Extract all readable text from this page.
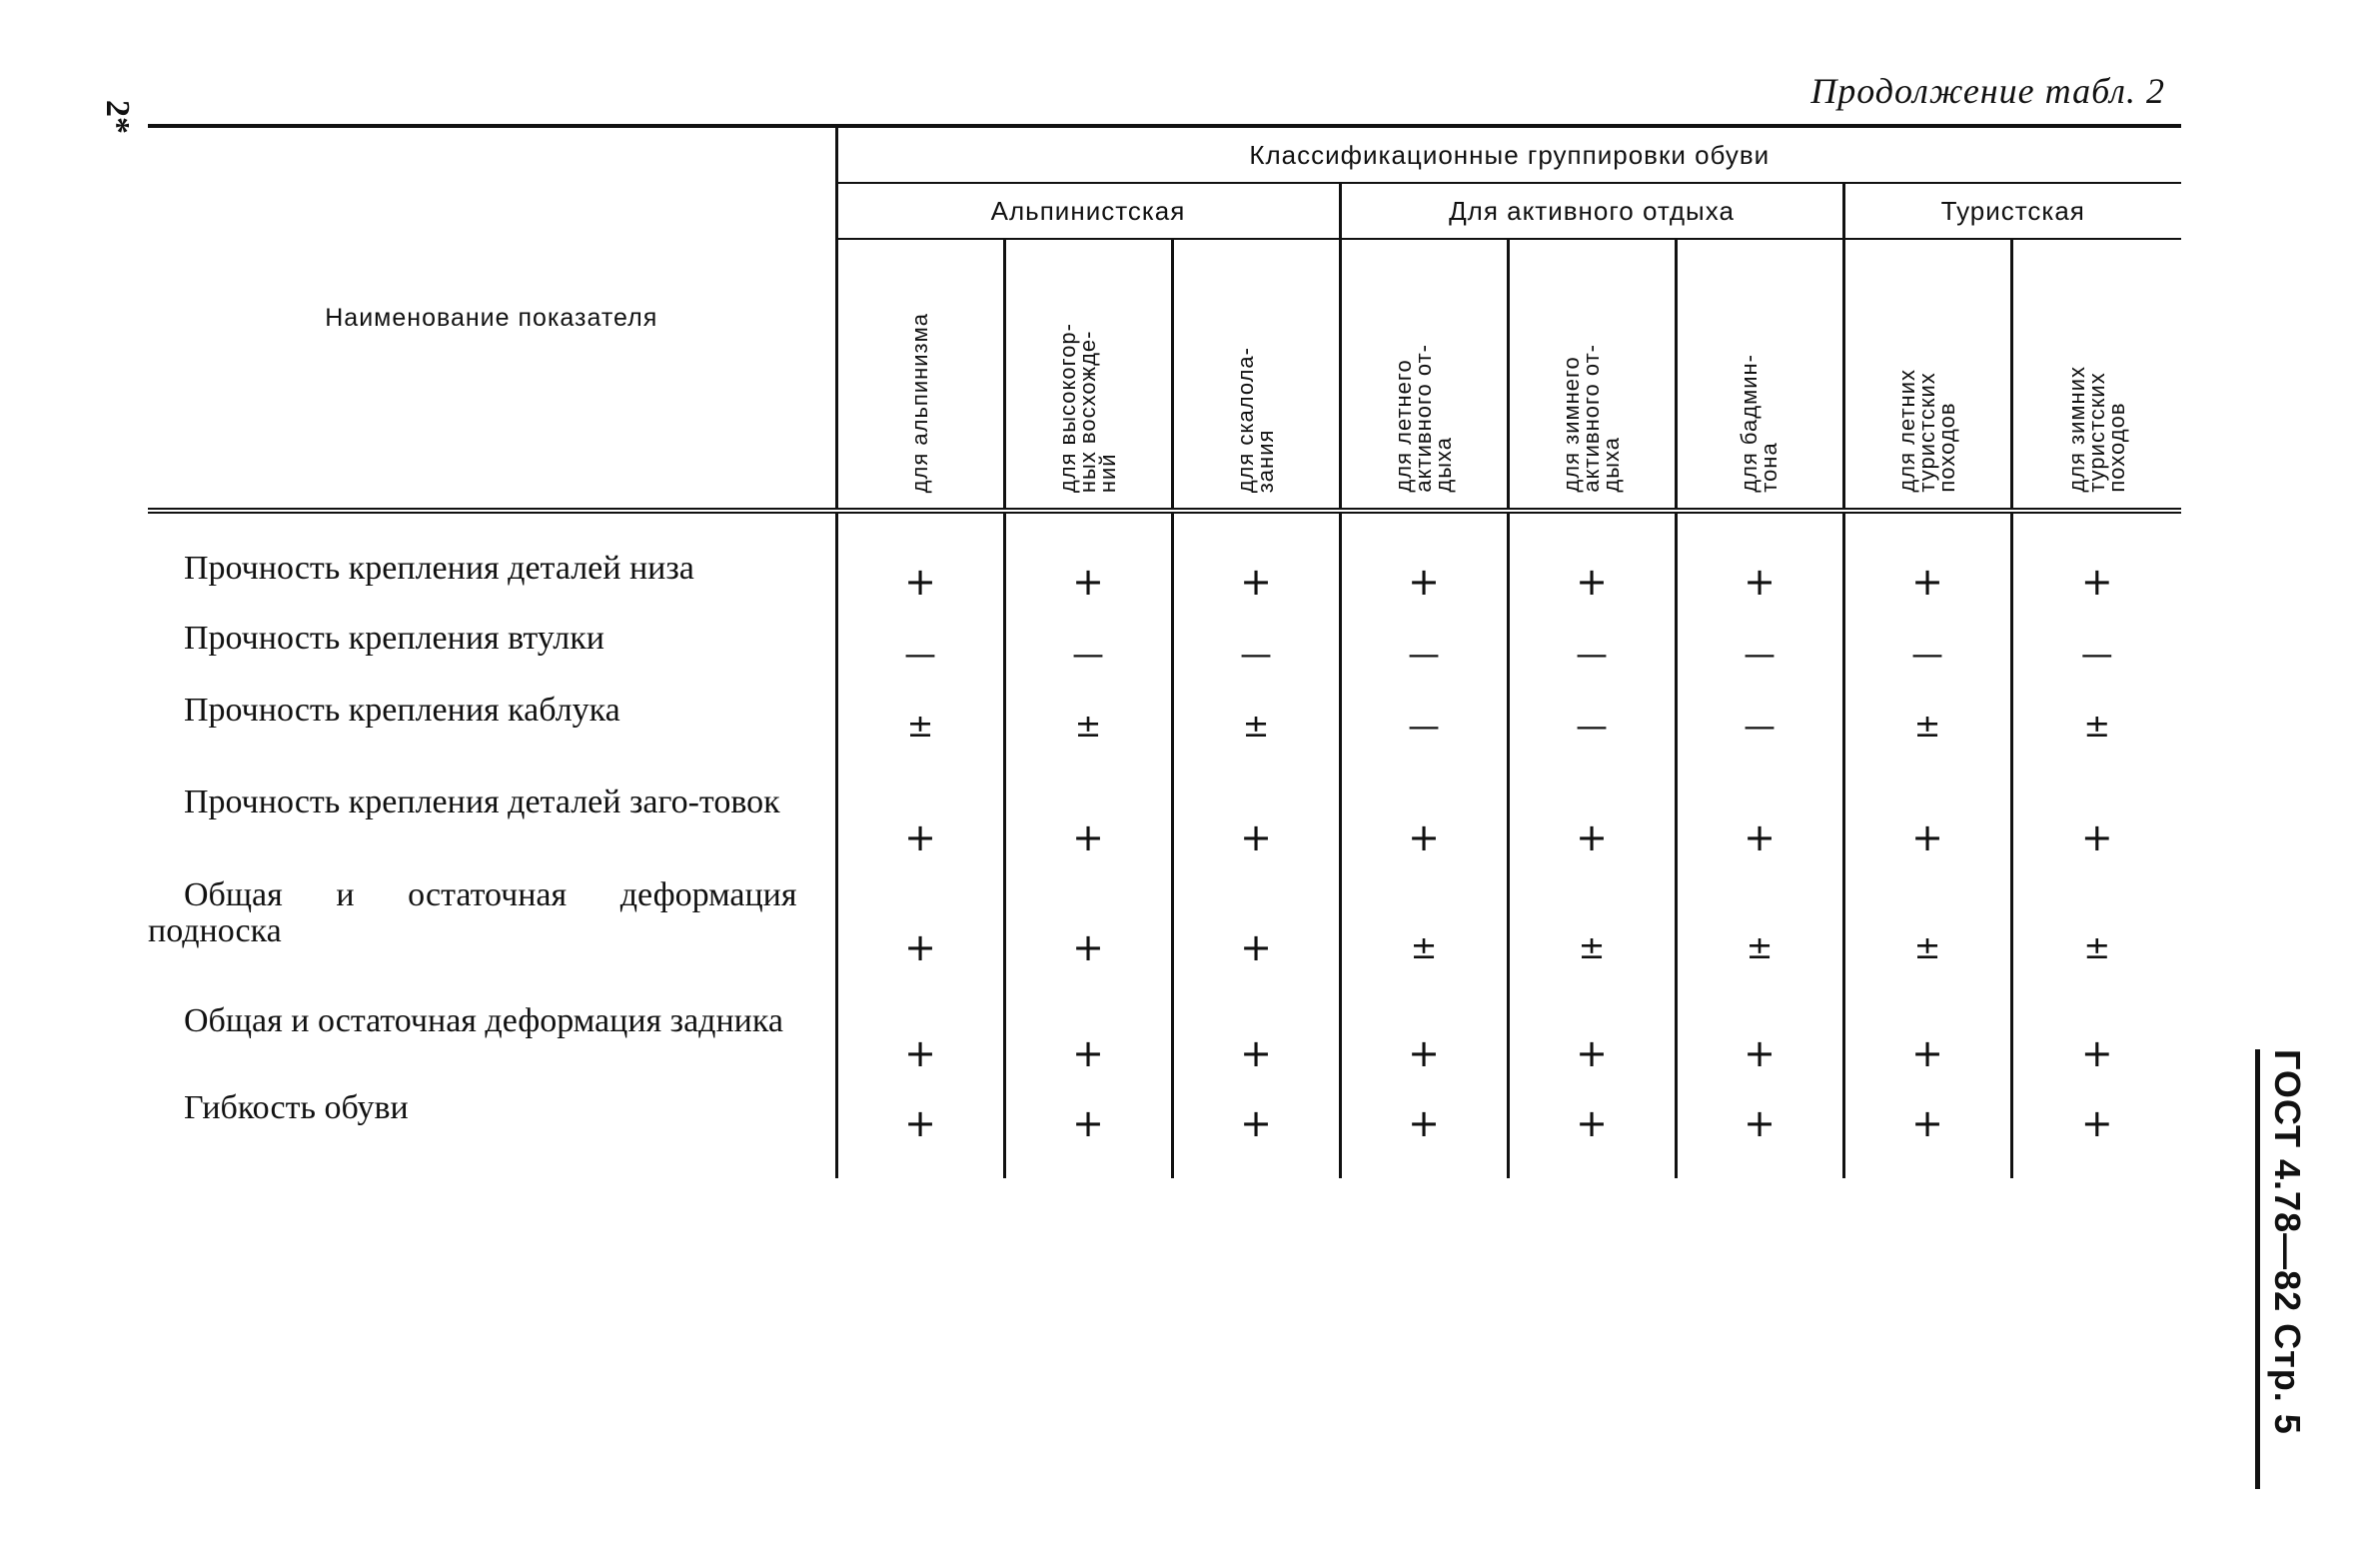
Продолжение табл. 2
2*
Наименование показателя	Классификационные группировки обуви							
	Альпинистская			Для активного отдыха			Туристская	
	для альпинизма	для высокогор-
ных восхожде-
ний	для скалола-
зания	для летнего
активного от-
дыха	для зимнего
активного от-
дыха	для бадмин-
тона	для летних
туристских
походов	для зимних
туристских
походов

Прочность крепления деталей низа	+	+	+	+	+	+	+	+

Прочность крепления втулки	—	—	—	—	—	—	—	—

Прочность крепления каблука	±	±	±	—	—	—	±	±

Прочность крепления деталей заго-товок	+	+	+	+	+	+	+	+

Общая и остаточная деформация подноска	+	+	+	±	±	±	±	±

Общая и остаточная деформация задника	+	+	+	+	+	+	+	+

Гибкость обуви	+	+	+	+	+	+	+	+	ГОСТ 4.78—82 Стр. 5
